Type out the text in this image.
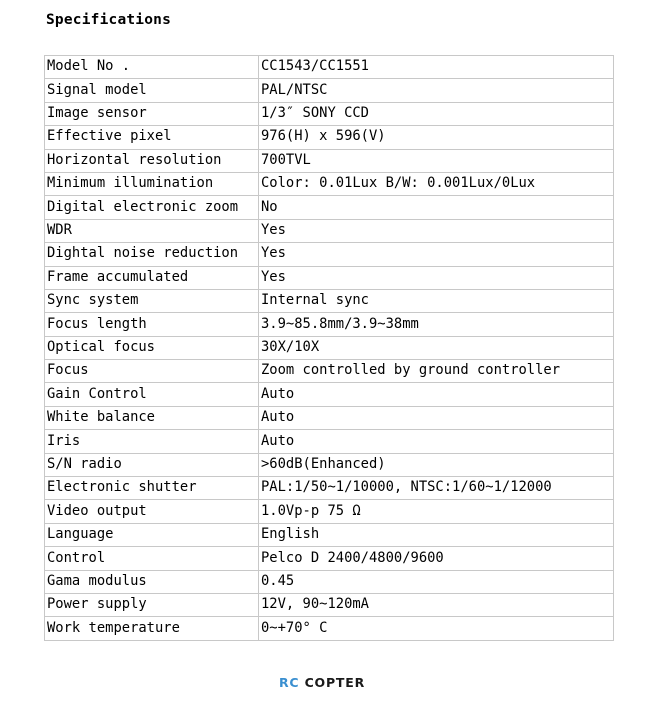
Specifications
Model No .	CC1543/CC1551
Signal model	PAL/NTSC
Image sensor	1/3″ SONY CCD
Effective pixel	976(H) x 596(V)
Horizontal resolution	700TVL
Minimum illumination	Color: 0.01Lux B/W: 0.001Lux/0Lux
Digital electronic zoom	No
WDR	Yes
Dightal noise reduction	Yes
Frame accumulated	Yes
Sync system	Internal sync
Focus length	3.9~85.8mm/3.9~38mm
Optical focus	30X/10X
Focus	Zoom controlled by ground controller
Gain Control	Auto
White balance	Auto
Iris	Auto
S/N radio	>60dB(Enhanced)
Electronic shutter	PAL:1/50~1/10000, NTSC:1/60~1/12000
Video output	1.0Vp-p 75 Ω
Language	English
Control	Pelco D 2400/4800/9600
Gama modulus	0.45
Power supply	12V, 90~120mA
Work temperature	0~+70° C
RC COPTER
